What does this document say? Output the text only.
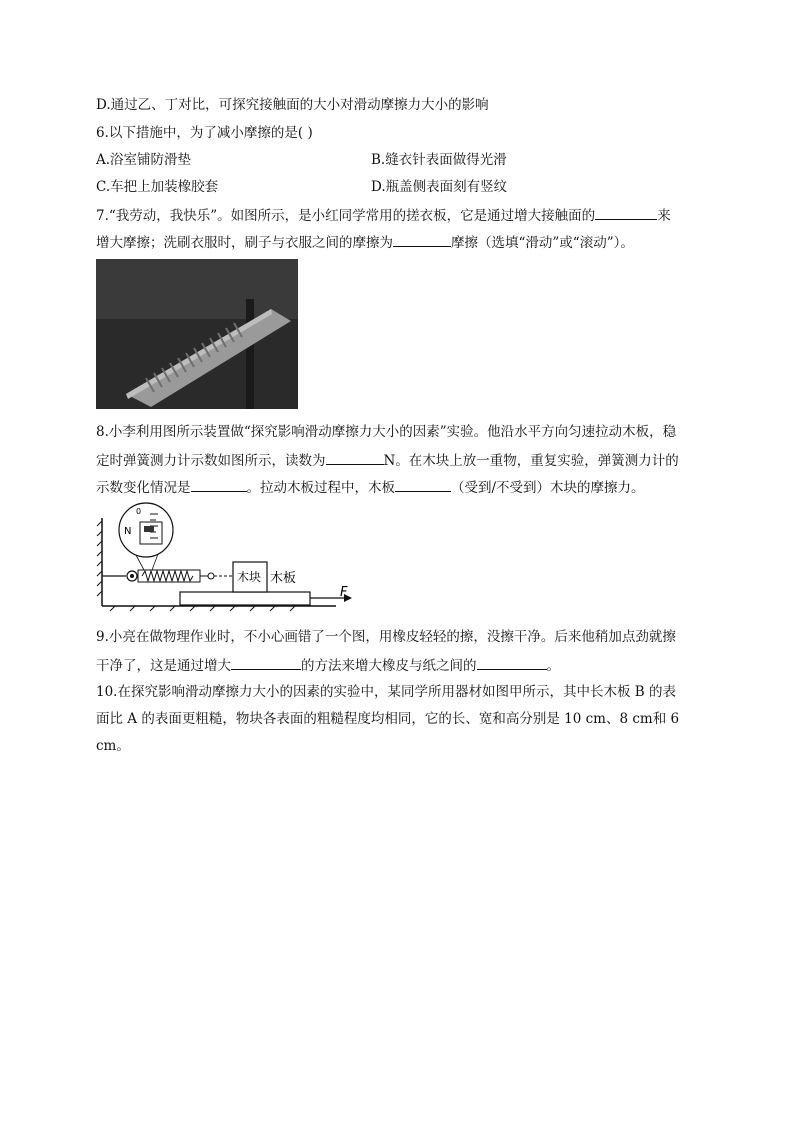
D.通过乙、丁对比，可探究接触面的大小对滑动摩擦力大小的影响
6.以下措施中，为了减小摩擦的是( )
A.浴室铺防滑垫	B.缝衣针表面做得光滑
C.车把上加装橡胶套	D.瓶盖侧表面刻有竖纹
7.“我劳动，我快乐”。如图所示，是小红同学常用的搓衣板，它是通过增大接触面的	来
增大摩擦；洗刷衣服时，刷子与衣服之间的摩擦为	摩擦（选填“滑动”或“滚动”）。
8.小李利用图所示装置做“探究影响滑动摩擦力大小的因素”实验。他沿水平方向匀速拉动木板，稳
定时弹簧测力计示数如图所示，读数为	N。在木块上放一重物，重复实验，弹簧测力计的
示数变化情况是	。拉动木板过程中，木板	（受到/不受到）木块的摩擦力。
F
木块 木板
N
0
9.小亮在做物理作业时，不小心画错了一个图，用橡皮轻轻的擦，没擦干净。后来他稍加点劲就擦
干净了，这是通过增大	的方法来增大橡皮与纸之间的	。
10.在探究影响滑动摩擦力大小的因素的实验中，某同学所用器材如图甲所示，其中长木板 B 的表
面比 A 的表面更粗糙，物块各表面的粗糙程度均相同，它的长、宽和高分别是 10 cm、8 cm和 6
cm。
